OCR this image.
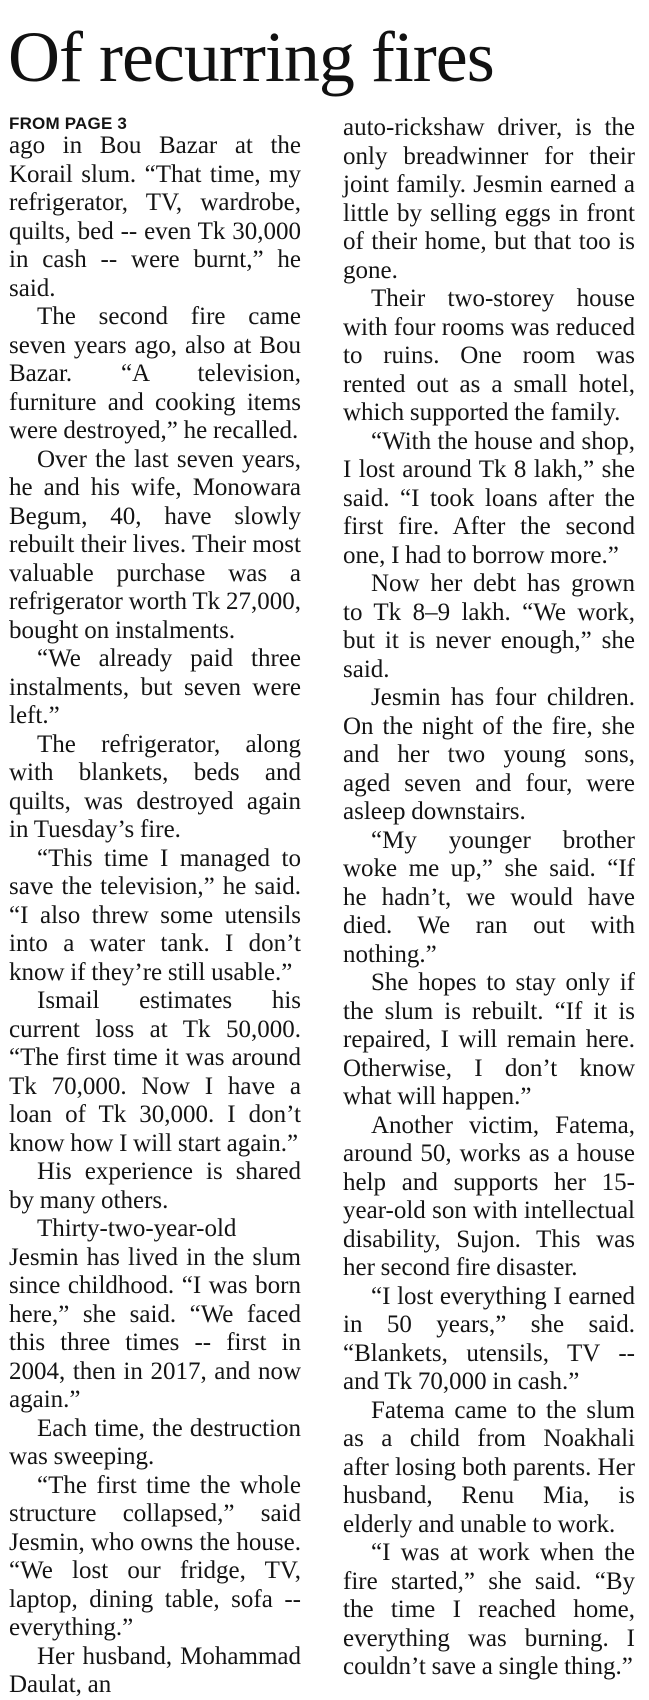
Of recurring fires
FROM PAGE 3

ago in Bou Bazar at the Korail slum. “That time, my refrigerator, TV, wardrobe, quilts, bed -- even Tk 30,000 in cash -- were burnt,” he said.

The second fire came seven years ago, also at Bou Bazar. “A television, furniture and cooking items were destroyed,” he recalled.

Over the last seven years, he and his wife, Monowara Begum, 40, have slowly rebuilt their lives. Their most valuable purchase was a refrigerator worth Tk 27,000, bought on instalments.

“We already paid three instalments, but seven were left.”

The refrigerator, along with blankets, beds and quilts, was destroyed again in Tuesday’s fire.

“This time I managed to save the television,” he said. “I also threw some utensils into a water tank. I don’t know if they’re still usable.”

Ismail estimates his current loss at Tk 50,000. “The first time it was around Tk 70,000. Now I have a loan of Tk 30,000. I don’t know how I will start again.”

His experience is shared by many others.

Thirty-two-year-old Jesmin has lived in the slum since childhood. “I was born here,” she said. “We faced this three times -- first in 2004, then in 2017, and now again.”

Each time, the destruction was sweeping.

“The first time the whole structure collapsed,” said Jesmin, who owns the house. “We lost our fridge, TV, laptop, dining table, sofa -- everything.”

Her husband, Mohammad Daulat, an

auto-rickshaw driver, is the only breadwinner for their joint family. Jesmin earned a little by selling eggs in front of their home, but that too is gone.

Their two-storey house with four rooms was reduced to ruins. One room was rented out as a small hotel, which supported the family.

“With the house and shop, I lost around Tk 8 lakh,” she said. “I took loans after the first fire. After the second one, I had to borrow more.”

Now her debt has grown to Tk 8–9 lakh. “We work, but it is never enough,” she said.

Jesmin has four children. On the night of the fire, she and her two young sons, aged seven and four, were asleep downstairs.

“My younger brother woke me up,” she said. “If he hadn’t, we would have died. We ran out with nothing.”

She hopes to stay only if the slum is rebuilt. “If it is repaired, I will remain here. Otherwise, I don’t know what will happen.”

Another victim, Fatema, around 50, works as a house help and supports her 15-year-old son with intellectual disability, Sujon. This was her second fire disaster.

“I lost everything I earned in 50 years,” she said. “Blankets, utensils, TV -- and Tk 70,000 in cash.”

Fatema came to the slum as a child from Noakhali after losing both parents. Her husband, Renu Mia, is elderly and unable to work.

“I was at work when the fire started,” she said. “By the time I reached home, everything was burning. I couldn’t save a single thing.”
